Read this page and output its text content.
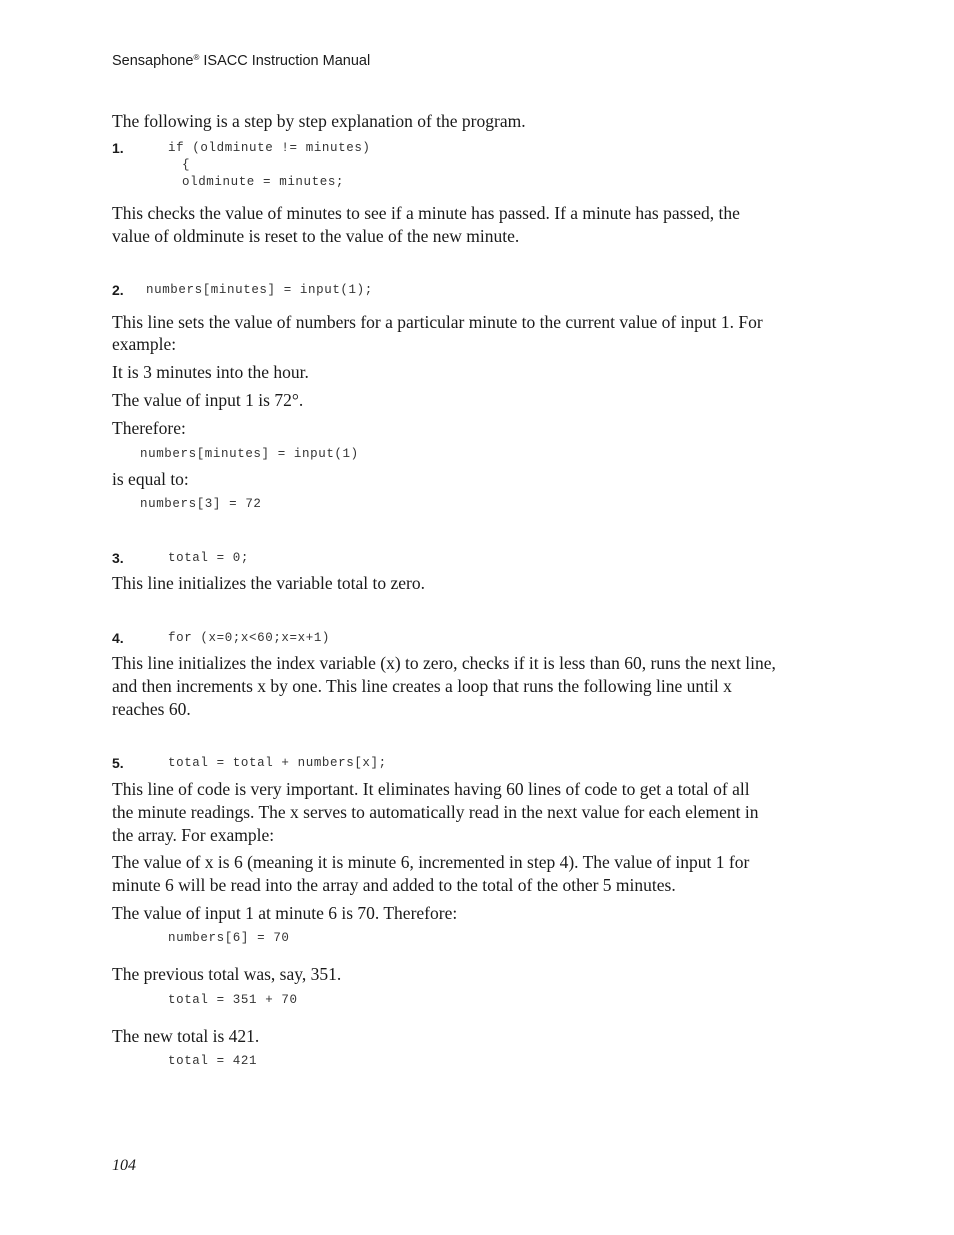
Sensaphone® ISACC Instruction Manual
The following is a step by step explanation of the program.
1.	if (oldminute != minutes)
{
oldminute = minutes;
This checks the value of minutes to see if a minute has passed. If a minute has passed, the
value of oldminute is reset to the value of the new minute.
2. numbers[minutes] = input(1);
This line sets the value of numbers for a particular minute to the current value of input 1. For
example:
It is 3 minutes into the hour.
The value of input 1 is 72°.
Therefore:
numbers[minutes] = input(1)
is equal to:
numbers[3] = 72
3.	total = 0;
This line initializes the variable total to zero.
4.	for (x=0;x<60;x=x+1)
This line initializes the index variable (x) to zero, checks if it is less than 60, runs the next line,
and then increments x by one. This line creates a loop that runs the following line until x
reaches 60.
5.	total = total + numbers[x];
This line of code is very important. It eliminates having 60 lines of code to get a total of all
the minute readings. The x serves to automatically read in the next value for each element in
the array. For example:
The value of x is 6 (meaning it is minute 6, incremented in step 4). The value of input 1 for
minute 6 will be read into the array and added to the total of the other 5 minutes.
The value of input 1 at minute 6 is 70. Therefore:
numbers[6] = 70
The previous total was, say, 351.
total = 351 + 70
The new total is 421.
total = 421
104
